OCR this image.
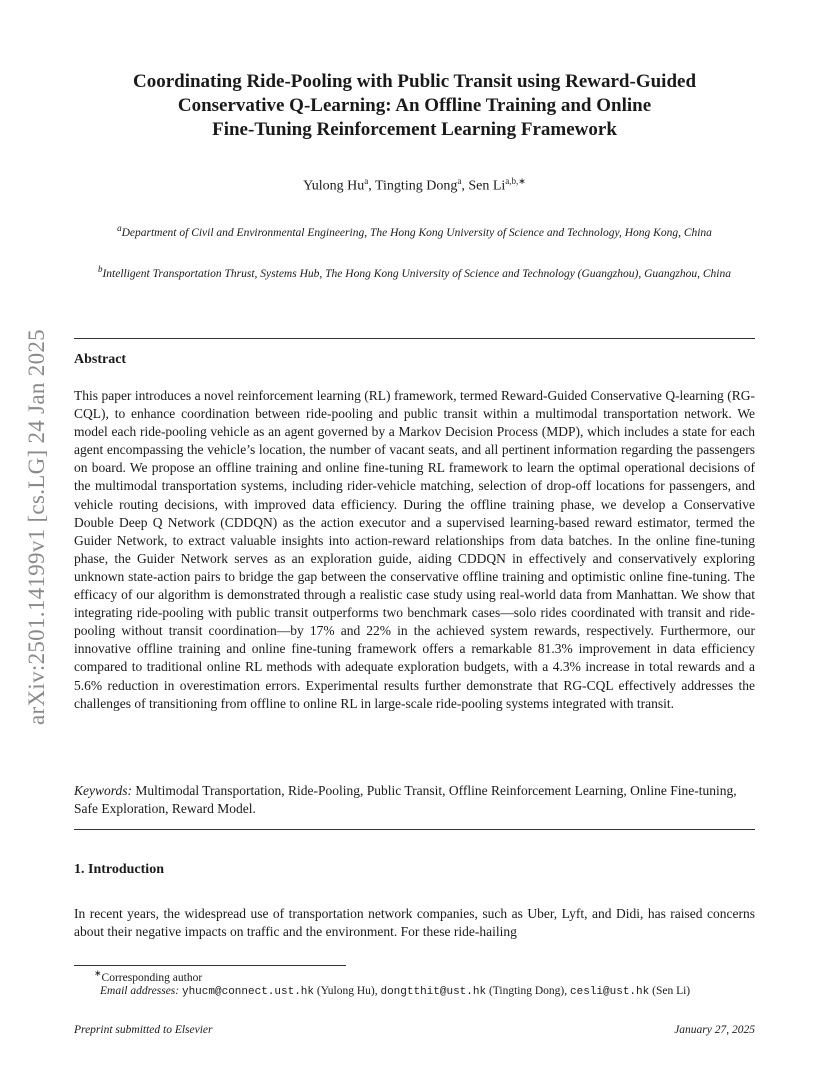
arXiv:2501.14199v1 [cs.LG] 24 Jan 2025
Coordinating Ride-Pooling with Public Transit using Reward-Guided
Conservative Q-Learning: An Offline Training and Online
Fine-Tuning Reinforcement Learning Framework
Yulong Hu$^a$, Tingting Dong$^a$, Sen $Li^{a,b,∗}$
$^a$Department of Civil and Environmental Engineering, The Hong Kong University of Science and Technology, Hong Kong, China
$^b$Intelligent Transportation Thrust, Systems Hub, The Hong Kong University of Science and Technology (Guangzhou), Guangzhou, China
Abstract
This paper introduces a novel reinforcement learning (RL) framework, termed Reward-Guided Conservative Q-learning (RG-CQL), to enhance coordination between ride-pooling and public transit within a multimodal transportation network. We model each ride-pooling vehicle as an agent governed by a Markov Decision Process (MDP), which includes a state for each agent encompassing the vehicle’s location, the number of vacant seats, and all pertinent information regarding the passengers on board. We propose an offline training and online fine-tuning RL framework to learn the optimal operational decisions of the multimodal transportation systems, including rider-vehicle matching, selection of drop-off locations for passengers, and vehicle routing decisions, with improved data efficiency. During the offline training phase, we develop a Conservative Double Deep Q Network (CDDQN) as the action executor and a supervised learning-based reward estimator, termed the Guider Network, to extract valuable insights into action-reward relationships from data batches. In the online fine-tuning phase, the Guider Network serves as an exploration guide, aiding CDDQN in effectively and conservatively exploring unknown state-action pairs to bridge the gap between the conservative offline training and optimistic online fine-tuning. The efficacy of our algorithm is demonstrated through a realistic case study using real-world data from Manhattan. We show that integrating ride-pooling with public transit outperforms two benchmark cases—solo rides coordinated with transit and ride-pooling without transit coordination—by 17% and 22% in the achieved system rewards, respectively. Furthermore, our innovative offline training and online fine-tuning framework offers a remarkable 81.3% improvement in data efficiency compared to traditional online RL methods with adequate exploration budgets, with a 4.3% increase in total rewards and a 5.6% reduction in overestimation errors. Experimental results further demonstrate that RG-CQL effectively addresses the challenges of transitioning from offline to online RL in large-scale ride-pooling systems integrated with transit.
Keywords: Multimodal Transportation, Ride-Pooling, Public Transit, Offline Reinforcement Learning, Online Fine-tuning, Safe Exploration, Reward Model.
1. Introduction
In recent years, the widespread use of transportation network companies, such as Uber, Lyft, and Didi, has raised concerns about their negative impacts on traffic and the environment. For these ride-hailing
∗Corresponding author
Email addresses: yhucm@connect.ust.hk (Yulong Hu), dongtthit@ust.hk (Tingting Dong), cesli@ust.hk (Sen Li)
Preprint submitted to Elsevier	January 27, 2025
